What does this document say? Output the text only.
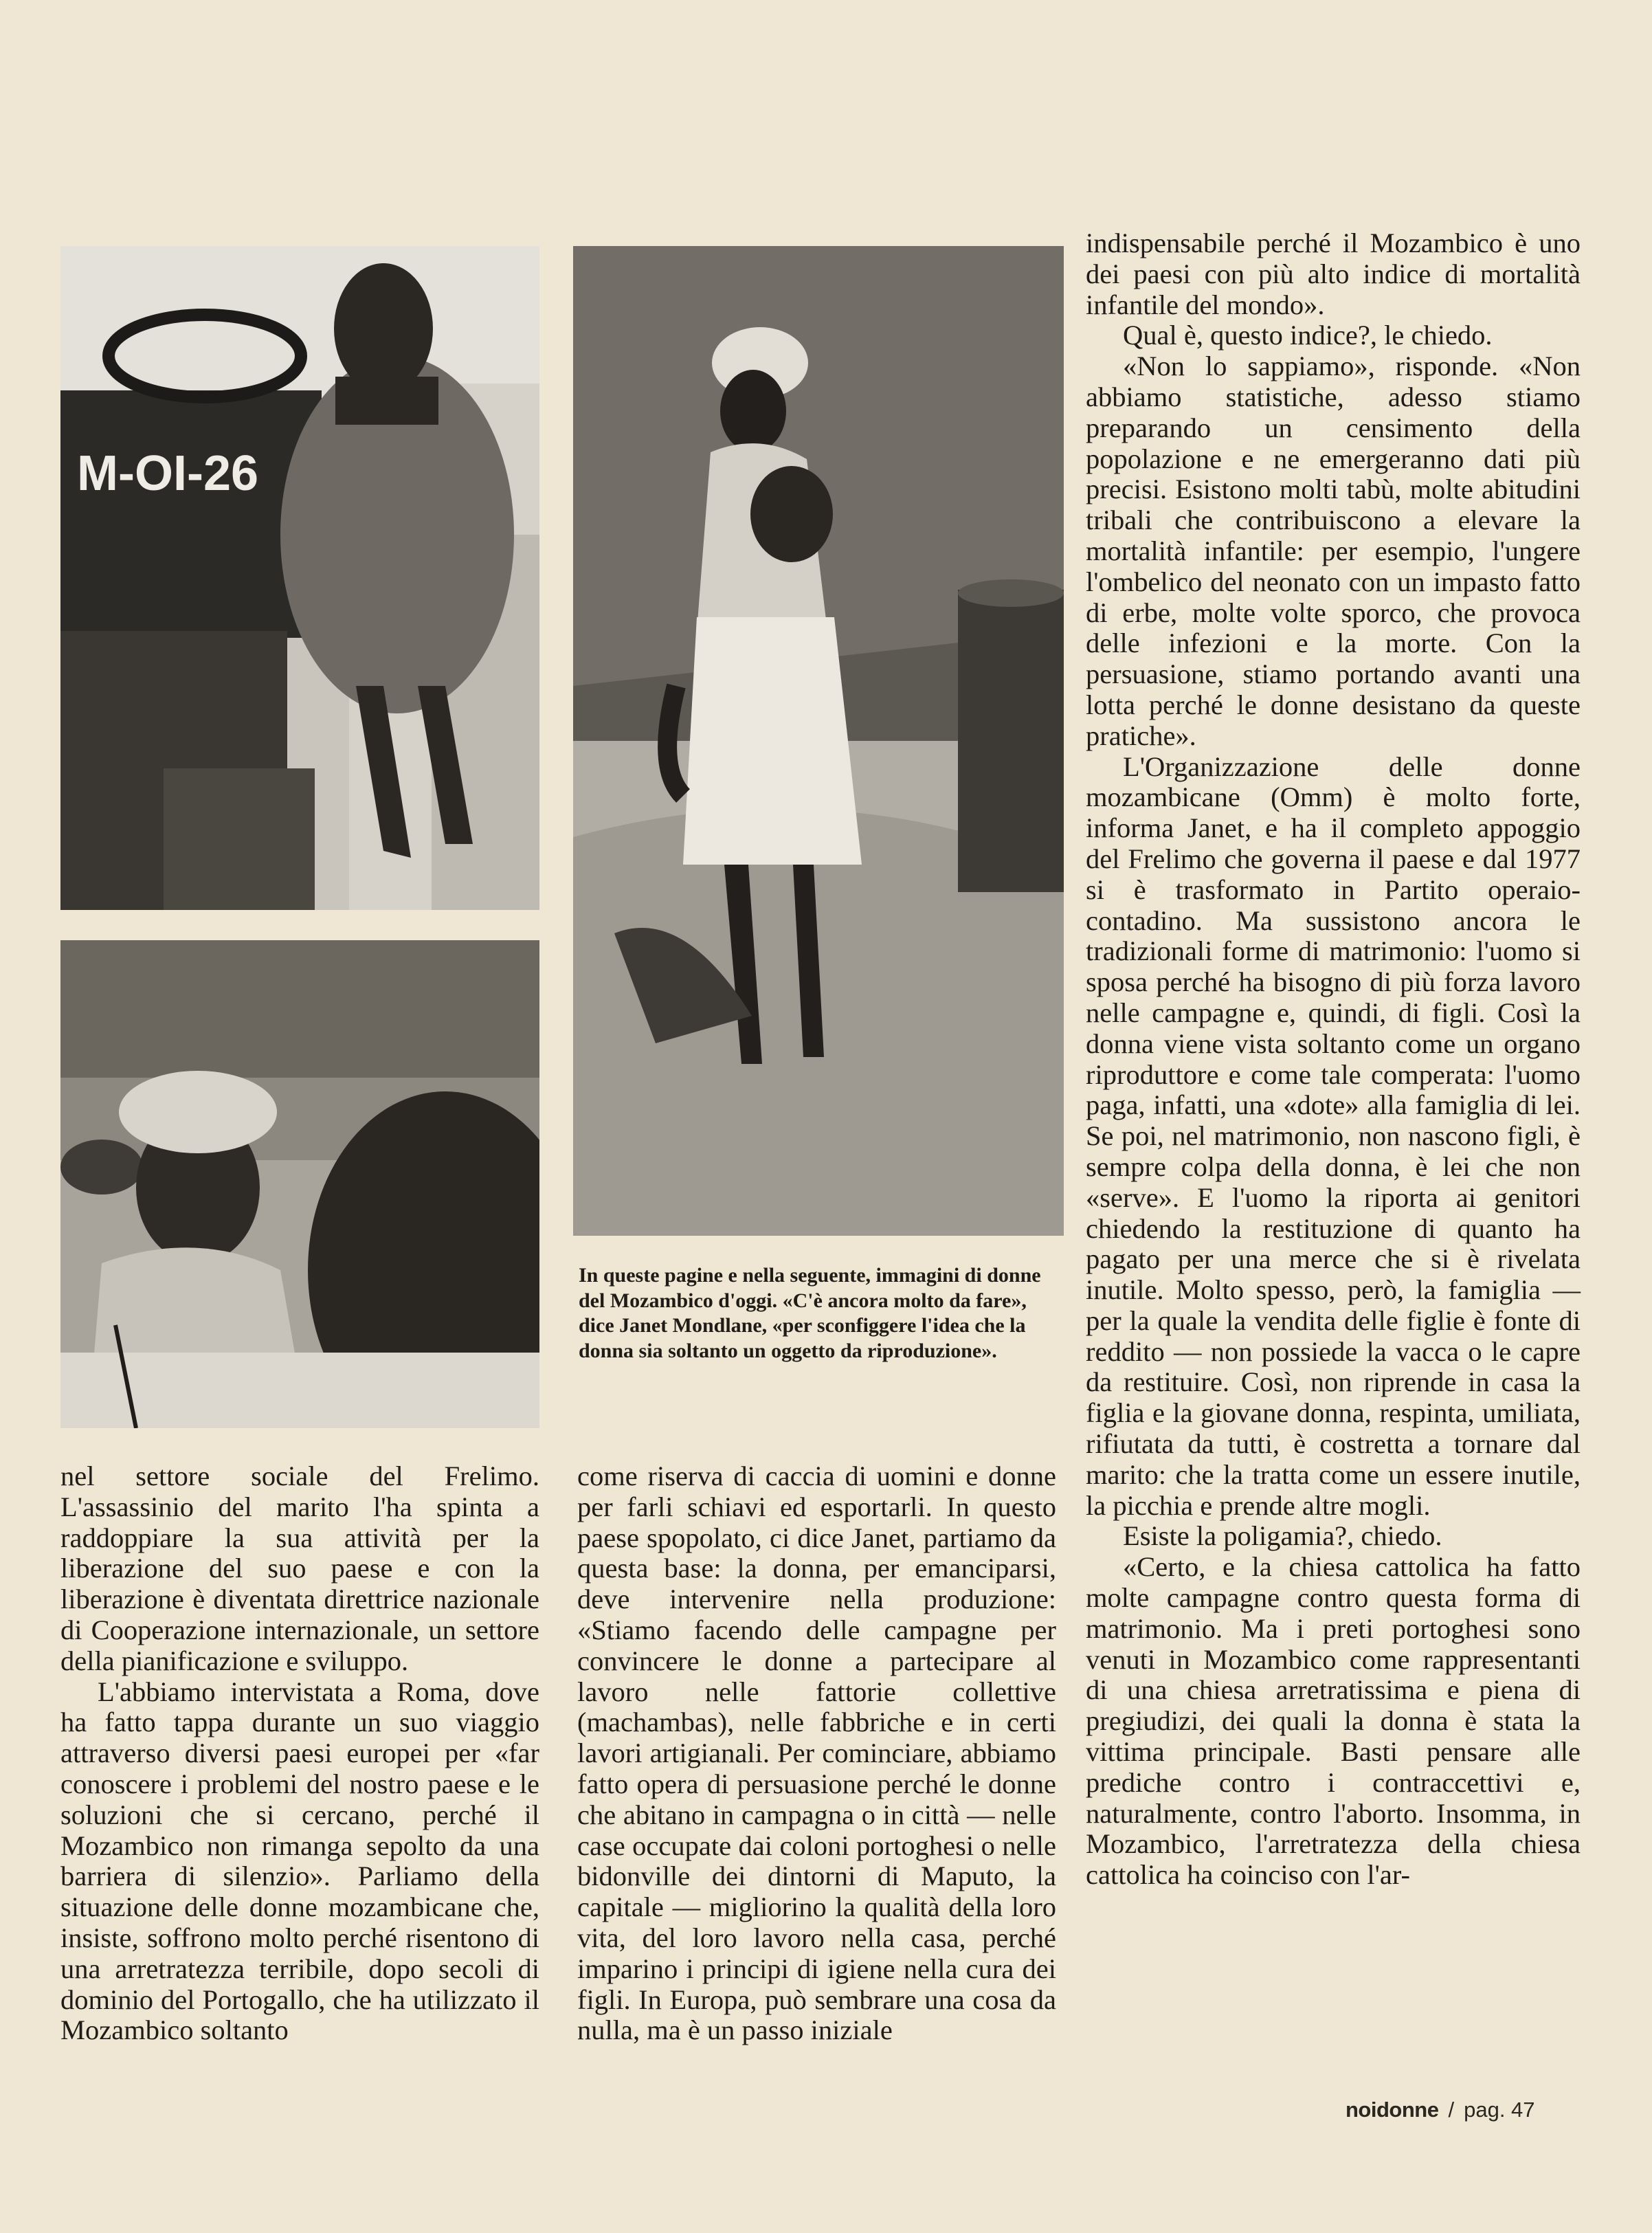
M-OI-26
In queste pagine e nella seguente, immagini di donne del Mozambico d'oggi. «C'è ancora molto da fare», dice Janet Mondlane, «per sconfiggere l'idea che la donna sia soltanto un oggetto da riproduzione».

nel settore sociale del Frelimo. L'assassinio del marito l'ha spinta a raddoppiare la sua attività per la liberazione del suo paese e con la liberazione è diventata direttrice nazionale di Cooperazione internazionale, un settore della pianificazione e sviluppo.

L'abbiamo intervistata a Roma, dove ha fatto tappa durante un suo viaggio attraverso diversi paesi europei per «far conoscere i problemi del nostro paese e le soluzioni che si cercano, perché il Mozambico non rimanga sepolto da una barriera di silenzio». Parliamo della situazione delle donne mozambicane che, insiste, soffrono molto perché risentono di una arretratezza terribile, dopo secoli di dominio del Portogallo, che ha utilizzato il Mozambico soltanto

come riserva di caccia di uomini e donne per farli schiavi ed esportarli. In questo paese spopolato, ci dice Janet, partiamo da questa base: la donna, per emanciparsi, deve intervenire nella produzione: «Stiamo facendo delle campagne per convincere le donne a partecipare al lavoro nelle fattorie collettive (machambas), nelle fabbriche e in certi lavori artigianali. Per cominciare, abbiamo fatto opera di persuasione perché le donne che abitano in campagna o in città — nelle case occupate dai coloni portoghesi o nelle bidonville dei dintorni di Maputo, la capitale — migliorino la qualità della loro vita, del loro lavoro nella casa, perché imparino i principi di igiene nella cura dei figli. In Europa, può sembrare una cosa da nulla, ma è un passo iniziale

indispensabile perché il Mozambico è uno dei paesi con più alto indice di mortalità infantile del mondo».

Qual è, questo indice?, le chiedo.

«Non lo sappiamo», risponde. «Non abbiamo statistiche, adesso stiamo preparando un censimento della popolazione e ne emergeranno dati più precisi. Esistono molti tabù, molte abitudini tribali che contribuiscono a elevare la mortalità infantile: per esempio, l'ungere l'ombelico del neonato con un impasto fatto di erbe, molte volte sporco, che provoca delle infezioni e la morte. Con la persuasione, stiamo portando avanti una lotta perché le donne desistano da queste pratiche».

L'Organizzazione delle donne mozambicane (Omm) è molto forte, informa Janet, e ha il completo appoggio del Frelimo che governa il paese e dal 1977 si è trasformato in Partito operaio-contadino. Ma sussistono ancora le tradizionali forme di matrimonio: l'uomo si sposa perché ha bisogno di più forza lavoro nelle campagne e, quindi, di figli. Così la donna viene vista soltanto come un organo riproduttore e come tale comperata: l'uomo paga, infatti, una «dote» alla famiglia di lei. Se poi, nel matrimonio, non nascono figli, è sempre colpa della donna, è lei che non «serve». E l'uomo la riporta ai genitori chiedendo la restituzione di quanto ha pagato per una merce che si è rivelata inutile. Molto spesso, però, la famiglia — per la quale la vendita delle figlie è fonte di reddito — non possiede la vacca o le capre da restituire. Così, non riprende in casa la figlia e la giovane donna, respinta, umiliata, rifiutata da tutti, è costretta a tornare dal marito: che la tratta come un essere inutile, la picchia e prende altre mogli.

Esiste la poligamia?, chiedo.

«Certo, e la chiesa cattolica ha fatto molte campagne contro questa forma di matrimonio. Ma i preti portoghesi sono venuti in Mozambico come rappresentanti di una chiesa arretratissima e piena di pregiudizi, dei quali la donna è stata la vittima principale. Basti pensare alle prediche contro i contraccettivi e, naturalmente, contro l'aborto. Insomma, in Mozambico, l'arretratezza della chiesa cattolica ha coinciso con l'ar-

noidonne / pag. 47
